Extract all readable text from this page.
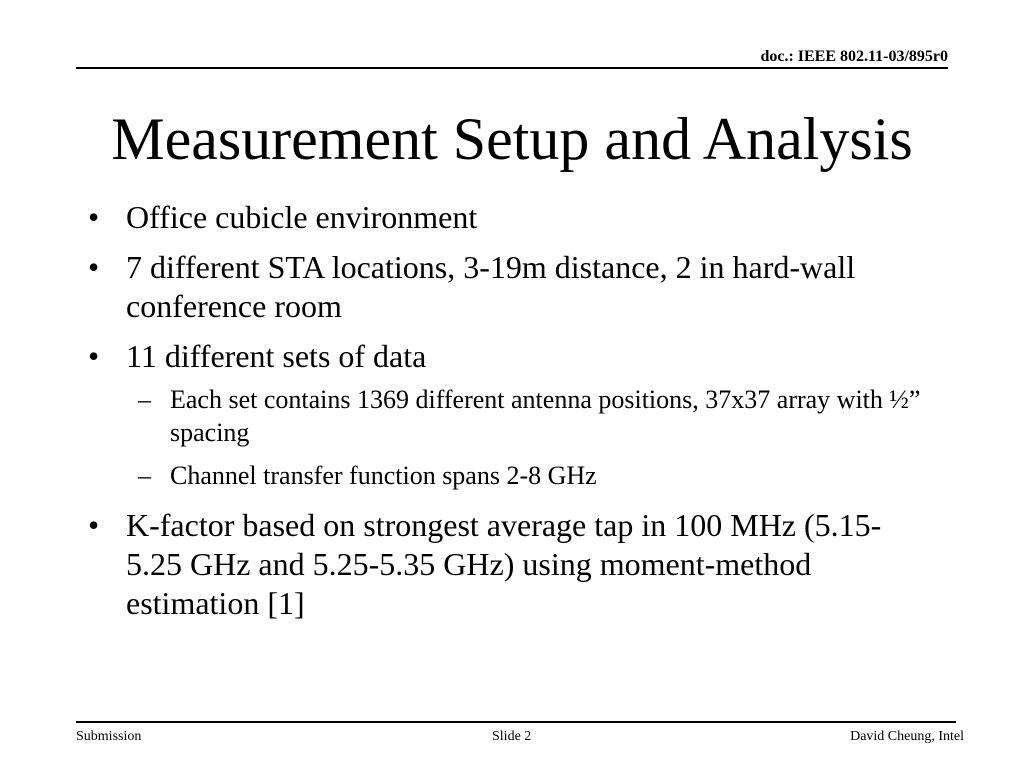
doc.: IEEE 802.11-03/895r0
Measurement Setup and Analysis
• Office cubicle environment
• 7 different STA locations, 3-19m distance, 2 in hard-wall conference room
• 11 different sets of data
– Each set contains 1369 different antenna positions, 37x37 array with ½” spacing
– Channel transfer function spans 2-8 GHz
• K-factor based on strongest average tap in 100 MHz (5.15-5.25 GHz and 5.25-5.35 GHz) using moment-method estimation [1]
Submission	Slide 2	David Cheung, Intel
